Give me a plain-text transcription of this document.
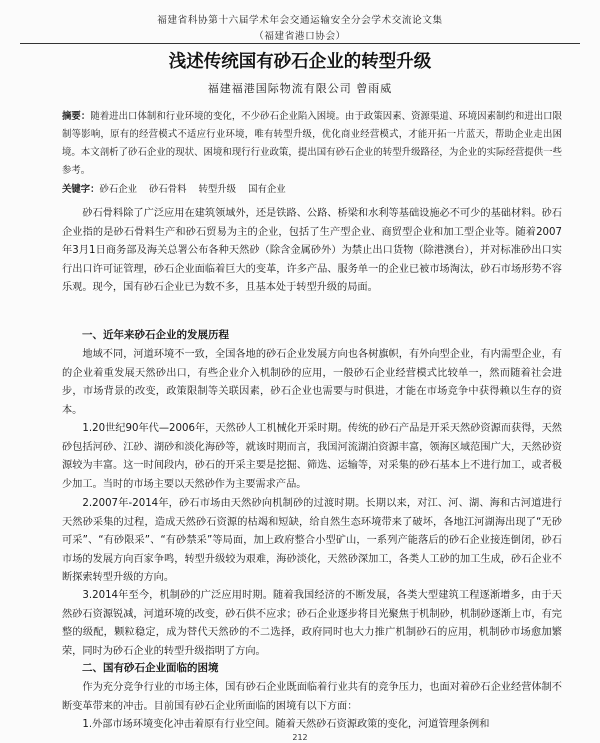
福建省科协第十六届学术年会交通运输安全分会学术交流论文集
（福建省港口协会）
浅述传统国有砂石企业的转型升级
福建福港国际物流有限公司 曾雨威

摘要：随着进出口体制和行业环境的变化，不少砂石企业陷入困境。由于政策因素、资源渠道、环境因素制约和进出口限制等影响，原有的经营模式不适应行业环境，唯有转型升级，优化商业经营模式，才能开拓一片蓝天，帮助企业走出困境。本文剖析了砂石企业的现状、困境和现行行业政策，提出国有砂石企业的转型升级路径，为企业的实际经营提供一些参考。

关键字：砂石企业 砂石骨料 转型升级 国有企业

砂石骨料除了广泛应用在建筑领域外，还是铁路、公路、桥梁和水利等基础设施必不可少的基础材料。砂石企业指的是砂石骨料生产和砂石贸易为主的企业，包括了生产型企业、商贸型企业和加工型企业等。随着2007年3月1日商务部及海关总署公布各种天然砂（除含金属砂外）为禁止出口货物（除港澳台），并对标准砂出口实行出口许可证管理，砂石企业面临着巨大的变革，许多产品、服务单一的企业已被市场淘汰，砂石市场形势不容乐观。现今，国有砂石企业已为数不多，且基本处于转型升级的局面。

一、近年来砂石企业的发展历程

地域不同，河道环境不一致，全国各地的砂石企业发展方向也各树旗帜，有外向型企业，有内需型企业，有的企业着重发展天然砂出口，有些企业介入机制砂的应用，一般砂石企业经营模式比较单一，然而随着社会进步，市场背景的改变，政策限制等关联因素，砂石企业也需要与时俱进，才能在市场竞争中获得赖以生存的资本。

1.20世纪90年代—2006年，天然砂人工机械化开采时期。传统的砂石产品是开采天然砂资源而获得，天然砂包括河砂、江砂、湖砂和淡化海砂等，就该时期而言，我国河流湖泊资源丰富，领海区域范围广大，天然砂资源较为丰富。这一时间段内，砂石的开采主要是挖掘、筛选、运输等，对采集的砂石基本上不进行加工，或者极少加工。当时的市场主要以天然砂作为主要需求产品。

2.2007年-2014年，砂石市场由天然砂向机制砂的过渡时期。长期以来，对江、河、湖、海和古河道进行天然砂采集的过程，造成天然砂石资源的枯竭和短缺，给自然生态环境带来了破坏，各地江河湖海出现了“无砂可采”、“有砂限采”、“有砂禁采”等局面，加上政府整合小型矿山，一系列产能落后的砂石企业接连倒闭，砂石市场的发展方向百家争鸣，转型升级较为艰难，海砂淡化，天然砂深加工，各类人工砂的加工生成，砂石企业不断探索转型升级的方向。

3.2014年至今，机制砂的广泛应用时期。随着我国经济的不断发展，各类大型建筑工程逐渐增多，由于天然砂石资源锐减，河道环境的改变，砂石供不应求；砂石企业逐步将目光聚焦于机制砂，机制砂逐渐上市，有完整的级配，颗粒稳定，成为替代天然砂的不二选择，政府同时也大力推广机制砂石的应用，机制砂市场愈加繁荣，同时为砂石企业的转型升级指明了方向。

二、国有砂石企业面临的困境

作为充分竞争行业的市场主体，国有砂石企业既面临着行业共有的竞争压力，也面对着砂石企业经营体制不断变革带来的冲击。目前国有砂石企业所面临的困境有以下方面：

1.外部市场环境变化冲击着原有行业空间。随着天然砂石资源政策的变化，河道管理条例和

212
